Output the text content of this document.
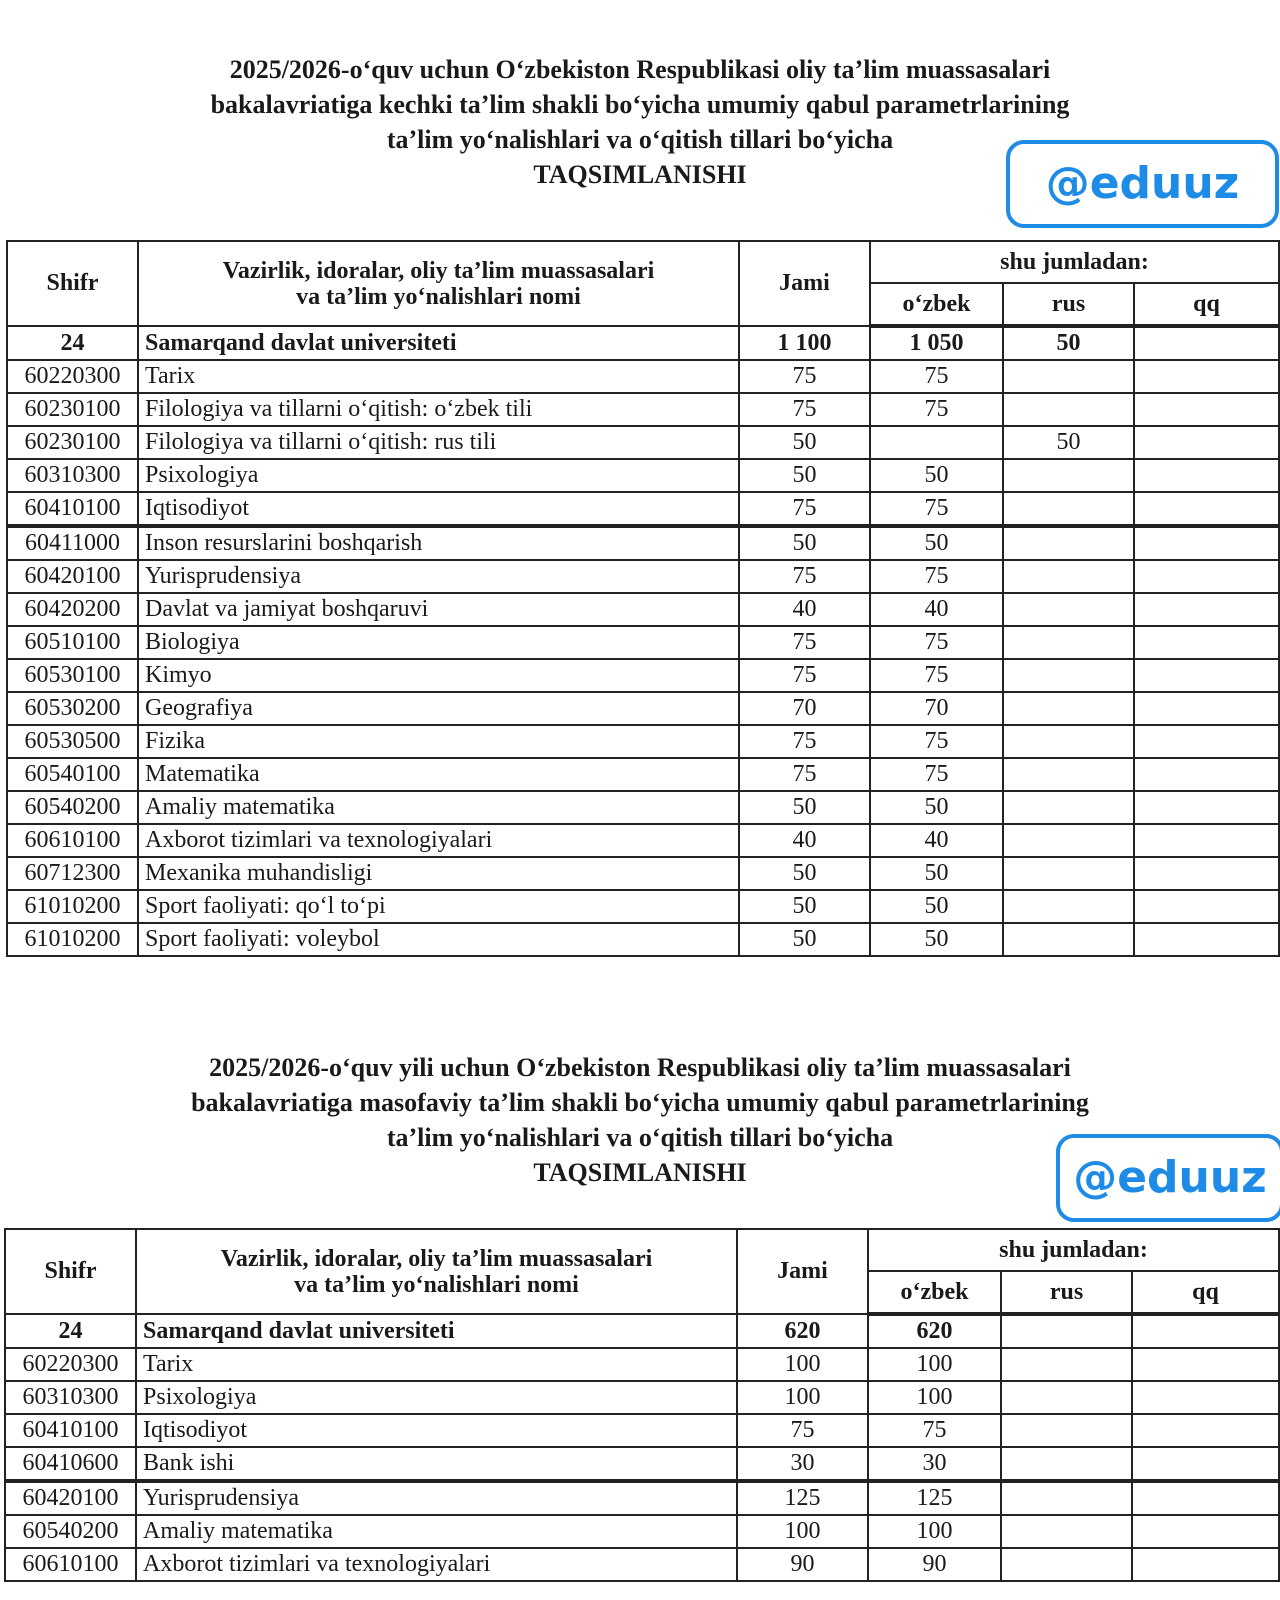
2025/2026-o‘quv uchun O‘zbekiston Respublikasi oliy ta’lim muassasalari
bakalavriatiga kechki ta’lim shakli bo‘yicha umumiy qabul parametrlarining
ta’lim yo‘nalishlari va o‘qitish tillari bo‘yicha
TAQSIMLANISHI	@eduuz
Shifr	Vazirlik, idoralar, oliy ta’lim muassasalari
va ta’lim yo‘nalishlari nomi	Jami	shu jumladan:		
			o‘zbek	rus	qq
24	Samarqand davlat universiteti	1 100	1 050	50	
60220300	Tarix	75	75		
60230100	Filologiya va tillarni o‘qitish: o‘zbek tili	75	75		
60230100	Filologiya va tillarni o‘qitish: rus tili	50		50	
60310300	Psixologiya	50	50		
60410100	Iqtisodiyot	75	75		
60411000	Inson resurslarini boshqarish	50	50		
60420100	Yurisprudensiya	75	75		
60420200	Davlat va jamiyat boshqaruvi	40	40		
60510100	Biologiya	75	75		
60530100	Kimyo	75	75		
60530200	Geografiya	70	70		
60530500	Fizika	75	75		
60540100	Matematika	75	75		
60540200	Amaliy matematika	50	50		
60610100	Axborot tizimlari va texnologiyalari	40	40		
60712300	Mexanika muhandisligi	50	50		
61010200	Sport faoliyati: qo‘l to‘pi	50	50		
61010200	Sport faoliyati: voleybol	50	50		
2025/2026-o‘quv yili uchun O‘zbekiston Respublikasi oliy ta’lim muassasalari
bakalavriatiga masofaviy ta’lim shakli bo‘yicha umumiy qabul parametrlarining
ta’lim yo‘nalishlari va o‘qitish tillari bo‘yicha
TAQSIMLANISHI	@eduuz
Shifr	Vazirlik, idoralar, oliy ta’lim muassasalari
va ta’lim yo‘nalishlari nomi	Jami	shu jumladan:		
			o‘zbek	rus	qq
24	Samarqand davlat universiteti	620	620		
60220300	Tarix	100	100		
60310300	Psixologiya	100	100		
60410100	Iqtisodiyot	75	75		
60410600	Bank ishi	30	30		
60420100	Yurisprudensiya	125	125		
60540200	Amaliy matematika	100	100		
60610100	Axborot tizimlari va texnologiyalari	90	90		
